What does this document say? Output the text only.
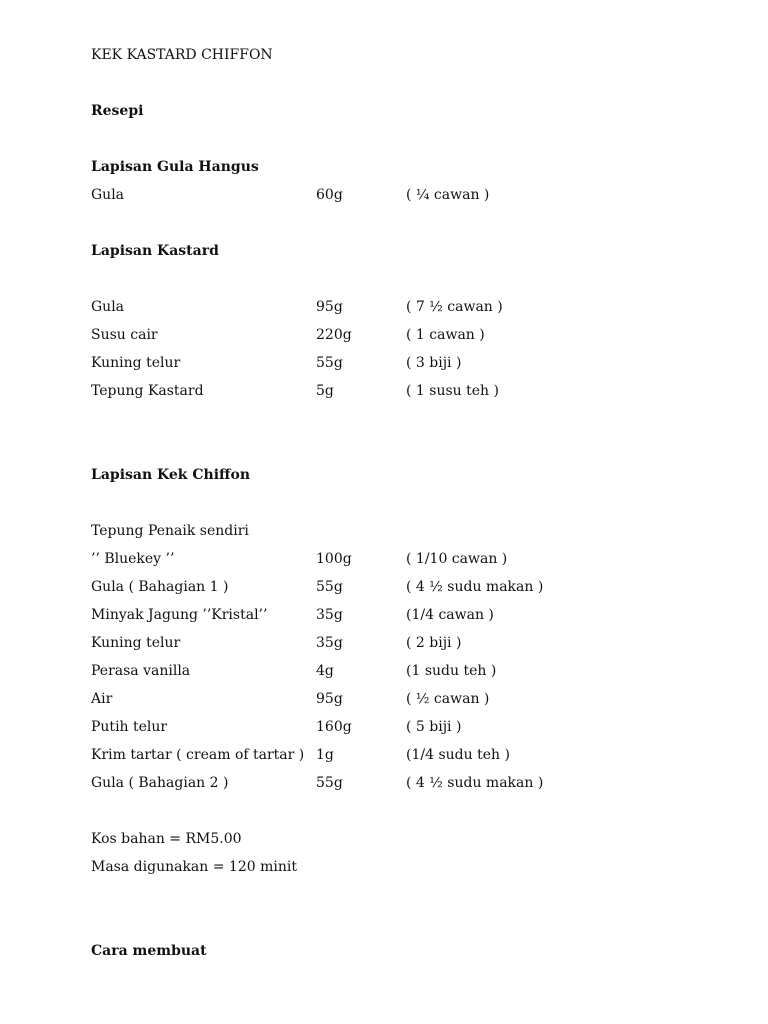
KEK KASTARD CHIFFON
Resepi
Lapisan Gula Hangus
Gula	60g	( ¼ cawan )
Lapisan Kastard
Gula	95g	( 7 ½ cawan )
Susu cair	220g	( 1 cawan )
Kuning telur	55g	( 3 biji )
Tepung Kastard	5g	( 1 susu teh )
Lapisan Kek Chiffon
Tepung Penaik sendiri
’’ Bluekey ’’	100g	( 1/10 cawan )
Gula ( Bahagian 1 )	55g	( 4 ½ sudu makan )
Minyak Jagung ’’Kristal’’	35g	(1/4 cawan )
Kuning telur	35g	( 2 biji )
Perasa vanilla	4g	(1 sudu teh )
Air	95g	( ½ cawan )
Putih telur	160g	( 5 biji )
Krim tartar ( cream of tartar ) 1g	(1/4 sudu teh )
Gula ( Bahagian 2 )	55g	( 4 ½ sudu makan )
Kos bahan = RM5.00
Masa digunakan = 120 minit
Cara membuat
